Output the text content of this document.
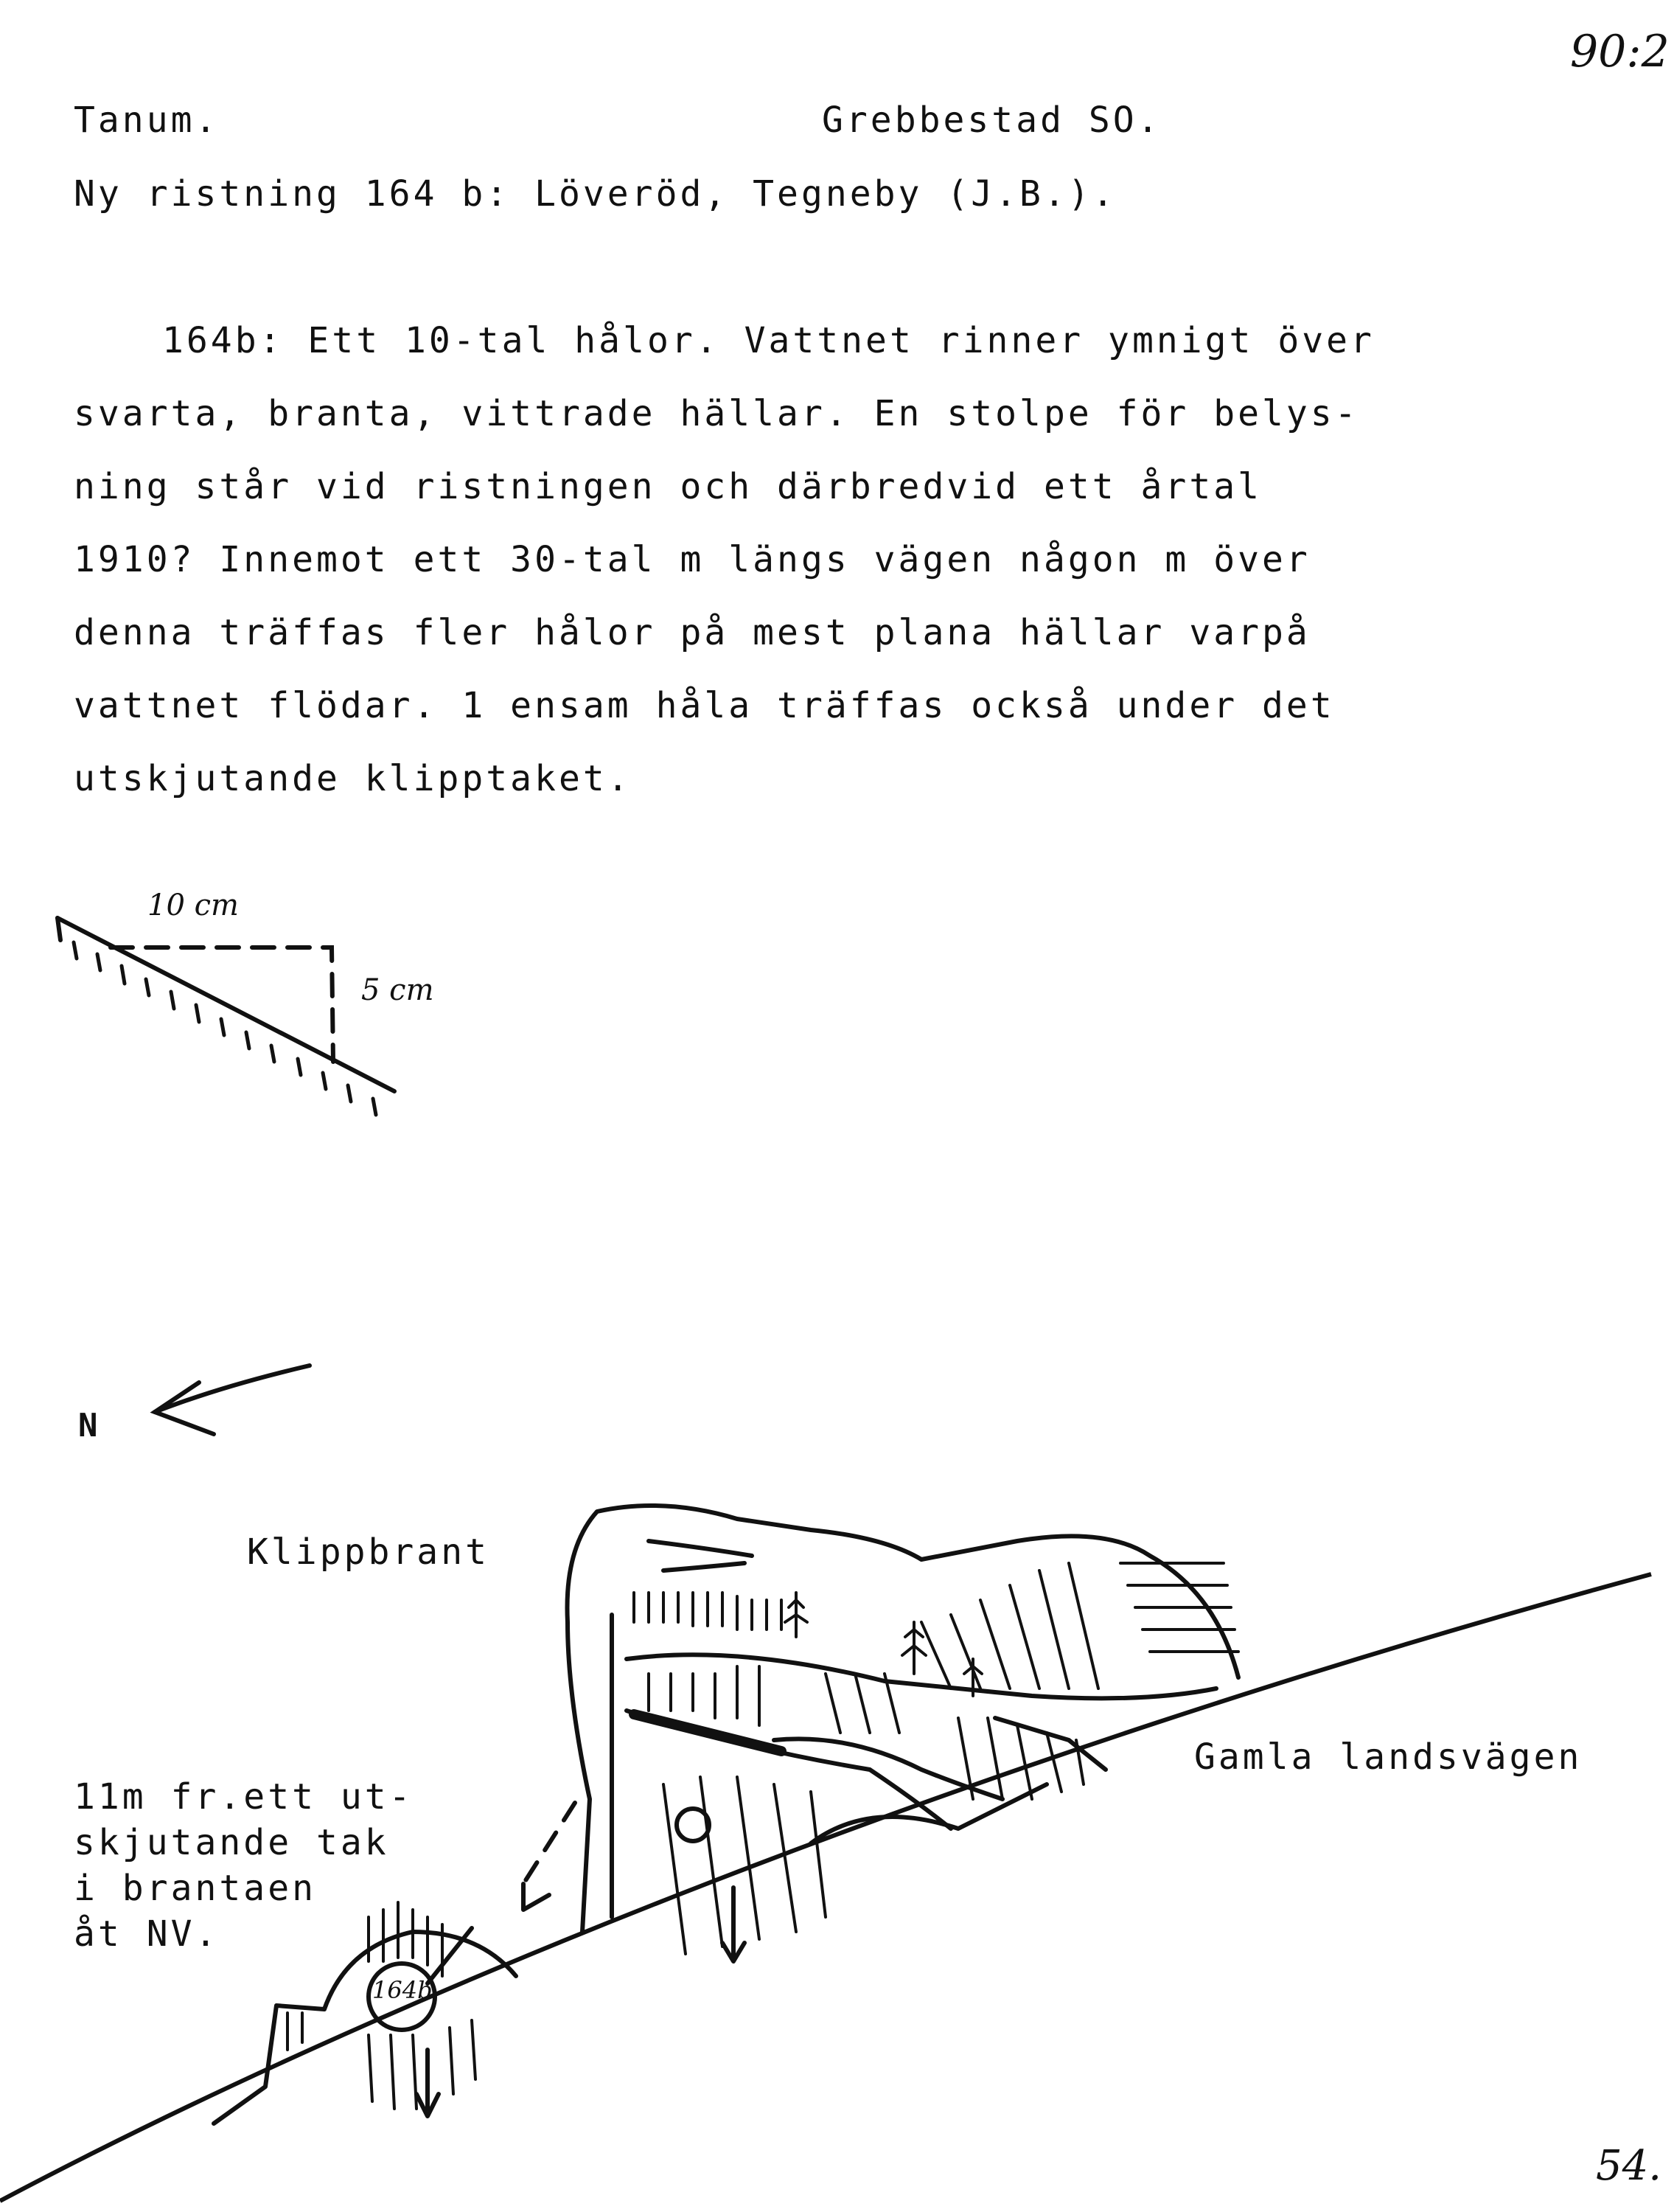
90:2
Tanum.	Grebbestad SO.
Ny ristning 164 b: Löveröd, Tegneby (J.B.).
164b: Ett 10-tal hålor. Vattnet rinner ymnigt över
svarta, branta, vittrade hällar. En stolpe för belys-
ning står vid ristningen och därbredvid ett årtal
1910? Innemot ett 30-tal m längs vägen någon m över
denna träffas fler hålor på mest plana hällar varpå
vattnet flödar. 1 ensam håla träffas också under det
utskjutande klipptaket.
10 cm
5 cm
N
Klippbrant
Gamla landsvägen
164b
11m fr.ett ut-
skjutande tak
i brantaen
åt NV.
54.
